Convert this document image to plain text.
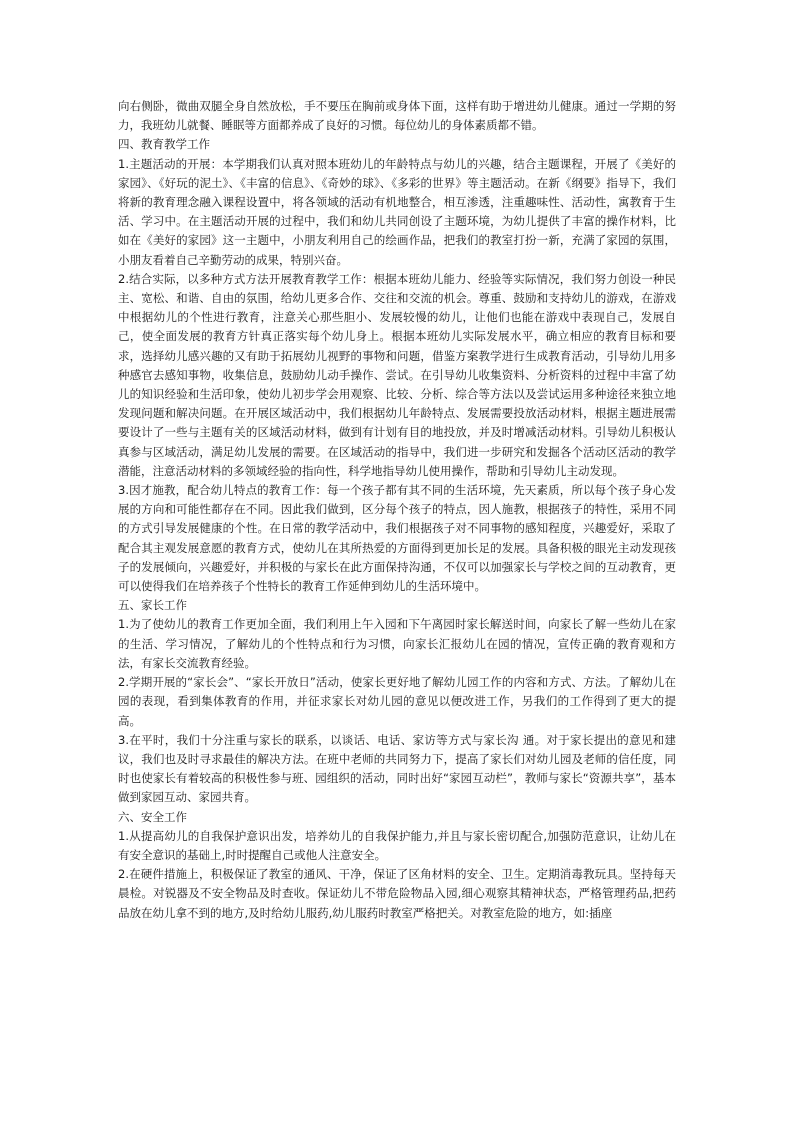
向右侧卧，微曲双腿全身自然放松，手不要压在胸前或身体下面，这样有助于增进幼儿健康。通过一学期的努力，我班幼儿就餐、睡眠等方面都养成了良好的习惯。每位幼儿的身体素质都不错。

四、教育教学工作

1.主题活动的开展：本学期我们认真对照本班幼儿的年龄特点与幼儿的兴趣，结合主题课程，开展了《美好的家园》、《好玩的泥土》、《丰富的信息》、《奇妙的球》、《多彩的世界》等主题活动。在新《纲要》指导下，我们将新的教育理念融入课程设置中，将各领域的活动有机地整合，相互渗透，注重趣味性、活动性，寓教育于生活、学习中。在主题活动开展的过程中，我们和幼儿共同创设了主题环境，为幼儿提供了丰富的操作材料，比如在《美好的家园》这一主题中，小朋友利用自己的绘画作品，把我们的教室打扮一新，充满了家园的氛围，小朋友看着自己辛勤劳动的成果，特别兴奋。

2.结合实际，以多种方式方法开展教育教学工作：根据本班幼儿能力、经验等实际情况，我们努力创设一种民主、宽松、和谐、自由的氛围，给幼儿更多合作、交往和交流的机会。尊重、鼓励和支持幼儿的游戏，在游戏中根据幼儿的个性进行教育，注意关心那些胆小、发展较慢的幼儿，让他们也能在游戏中表现自己，发展自己，使全面发展的教育方针真正落实每个幼儿身上。根据本班幼儿实际发展水平，确立相应的教育目标和要求，选择幼儿感兴趣的又有助于拓展幼儿视野的事物和问题，借鉴方案教学进行生成教育活动，引导幼儿用多种感官去感知事物，收集信息，鼓励幼儿动手操作、尝试。在引导幼儿收集资料、分析资料的过程中丰富了幼儿的知识经验和生活印象，使幼儿初步学会用观察、比较、分析、综合等方法以及尝试运用多种途径来独立地发现问题和解决问题。在开展区域活动中，我们根据幼儿年龄特点、发展需要投放活动材料，根据主题进展需要设计了一些与主题有关的区域活动材料，做到有计划有目的地投放，并及时增减活动材料。引导幼儿积极认真参与区域活动，满足幼儿发展的需要。在区域活动的指导中，我们进一步研究和发掘各个活动区活动的教学潜能，注意活动材料的多领域经验的指向性，科学地指导幼儿使用操作，帮助和引导幼儿主动发现。

3.因才施教，配合幼儿特点的教育工作：每一个孩子都有其不同的生活环境，先天素质，所以每个孩子身心发展的方向和可能性都存在不同。因此我们做到，区分每个孩子的特点，因人施教，根据孩子的特性，采用不同的方式引导发展健康的个性。在日常的教学活动中，我们根据孩子对不同事物的感知程度，兴趣爱好，采取了配合其主观发展意愿的教育方式，使幼儿在其所热爱的方面得到更加长足的发展。具备积极的眼光主动发现孩子的发展倾向，兴趣爱好，并积极的与家长在此方面保持沟通，不仅可以加强家长与学校之间的互动教育，更可以使得我们在培养孩子个性特长的教育工作延伸到幼儿的生活环境中。

五、家长工作

1.为了使幼儿的教育工作更加全面，我们利用上午入园和下午离园时家长解送时间，向家长了解一些幼儿在家的生活、学习情况，了解幼儿的个性特点和行为习惯，向家长汇报幼儿在园的情况，宣传正确的教育观和方法，有家长交流教育经验。

2.学期开展的“家长会”、“家长开放日”活动，使家长更好地了解幼儿园工作的内容和方式、方法。了解幼儿在园的表现，看到集体教育的作用，并征求家长对幼儿园的意见以便改进工作，另我们的工作得到了更大的提高。

3.在平时，我们十分注重与家长的联系，以谈话、电话、家访等方式与家长沟 通。对于家长提出的意见和建议，我们也及时寻求最佳的解决方法。在班中老师的共同努力下，提高了家长们对幼儿园及老师的信任度，同时也使家长有着较高的积极性参与班、园组织的活动，同时出好“家园互动栏”，教师与家长“资源共享”，基本做到家园互动、家园共育。

六、安全工作

1.从提高幼儿的自我保护意识出发，培养幼儿的自我保护能力,并且与家长密切配合,加强防范意识，让幼儿在有安全意识的基础上,时时提醒自己或他人注意安全。

2.在硬件措施上，积极保证了教室的通风、干净，保证了区角材料的安全、卫生。定期消毒教玩具。坚持每天晨检。对锐器及不安全物品及时查收。保证幼儿不带危险物品入园,细心观察其精神状态，严格管理药品,把药品放在幼儿拿不到的地方,及时给幼儿服药,幼儿服药时教室严格把关。对教室危险的地方，如:插座
